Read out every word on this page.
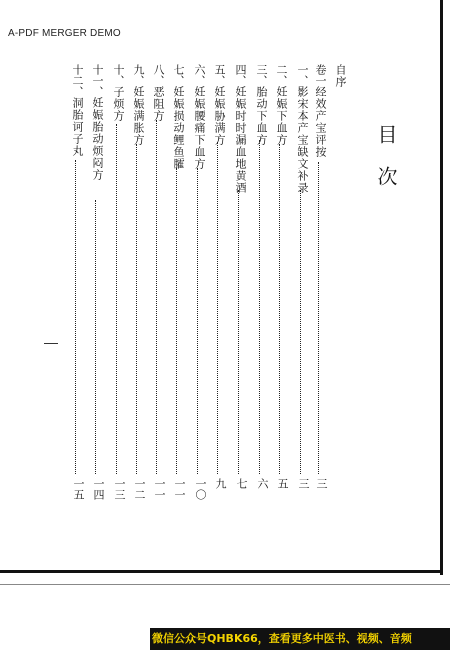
A-PDF MERGER DEMO
目次
自序
卷一经效产宝评按
一、影宋本产宝缺文补录
二、妊娠下血方
三、胎动下血方
四、妊娠时时漏血地黄酒
五、妊娠胁满方
六、妊娠腰痛下血方
七、妊娠损动鲤鱼臛
八、恶阻方
九、妊娠满胀方
十、子烦方
十一、妊娠胎动烦闷方
十二、洞胎诃子丸
三
三
五
六
七
九
一〇
一一
一一
一二
一三
一四
一五
微信公众号QHBK66，查看更多中医书、视频、音频
